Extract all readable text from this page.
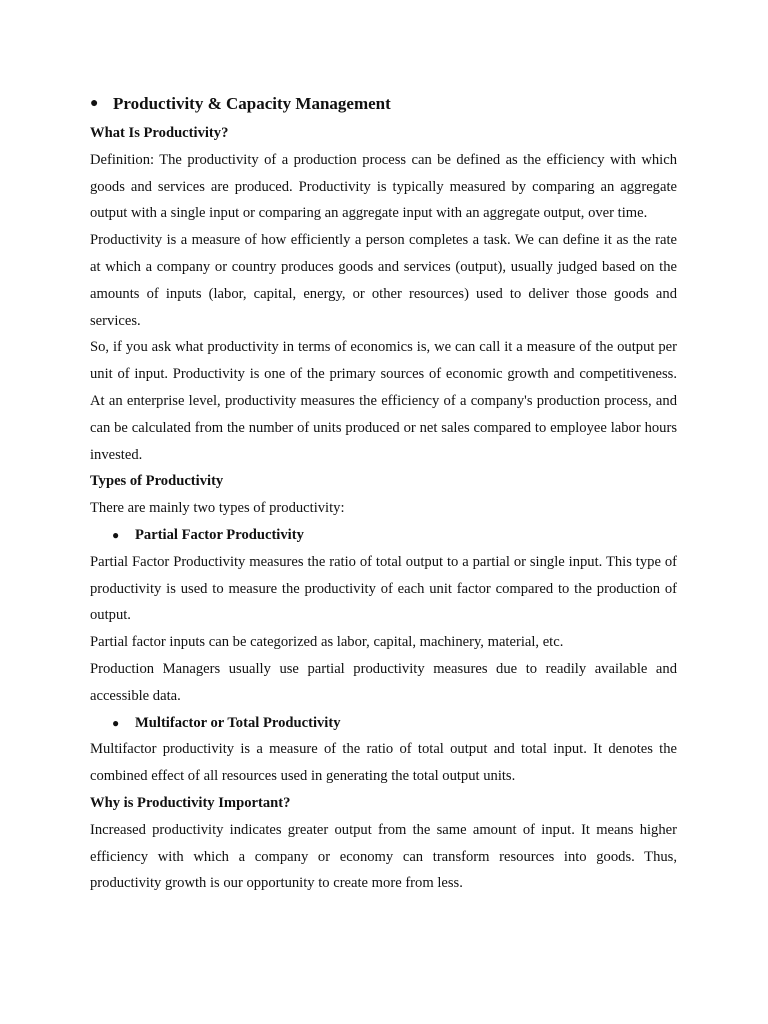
● Productivity & Capacity Management

What Is Productivity?

Definition: The productivity of a production process can be defined as the efficiency with which goods and services are produced. Productivity is typically measured by comparing an aggregate output with a single input or comparing an aggregate input with an aggregate output, over time.

Productivity is a measure of how efficiently a person completes a task. We can define it as the rate at which a company or country produces goods and services (output), usually judged based on the amounts of inputs (labor, capital, energy, or other resources) used to deliver those goods and services.

So, if you ask what productivity in terms of economics is, we can call it a measure of the output per unit of input. Productivity is one of the primary sources of economic growth and competitiveness. At an enterprise level, productivity measures the efficiency of a company's production process, and can be calculated from the number of units produced or net sales compared to employee labor hours invested.

Types of Productivity

There are mainly two types of productivity:

●	Partial Factor Productivity

Partial Factor Productivity measures the ratio of total output to a partial or single input. This type of productivity is used to measure the productivity of each unit factor compared to the production of output.

Partial factor inputs can be categorized as labor, capital, machinery, material, etc.

Production Managers usually use partial productivity measures due to readily available and accessible data.

●	Multifactor or Total Productivity

Multifactor productivity is a measure of the ratio of total output and total input. It denotes the combined effect of all resources used in generating the total output units.

Why is Productivity Important?

Increased productivity indicates greater output from the same amount of input. It means higher efficiency with which a company or economy can transform resources into goods. Thus, productivity growth is our opportunity to create more from less.
